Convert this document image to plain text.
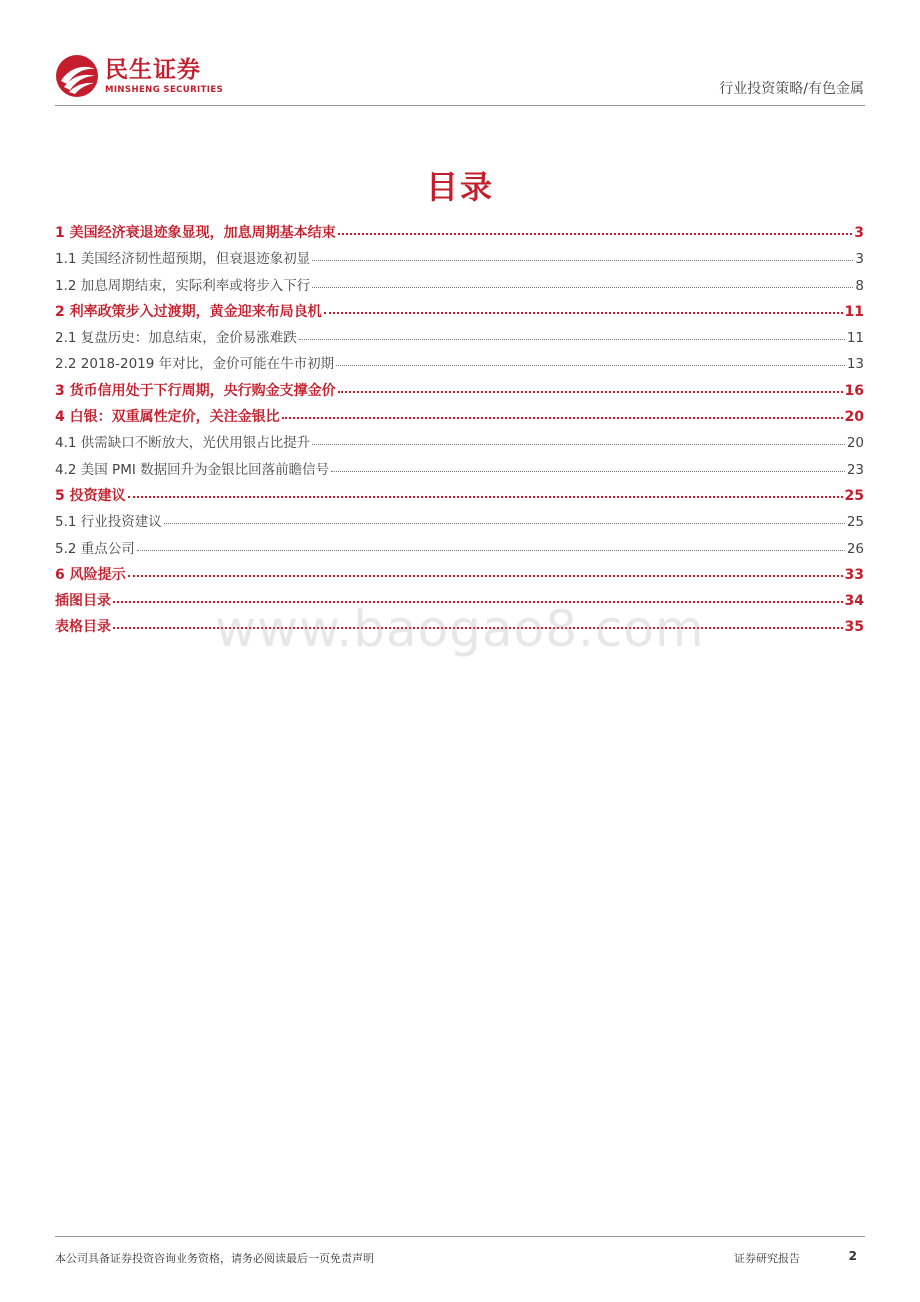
民生证券
MINSHENG SECURITIES	行业投资策略/有色金属
目录
1 美国经济衰退迹象显现，加息周期基本结束	3
1.1 美国经济韧性超预期，但衰退迹象初显	3
1.2 加息周期结束，实际利率或将步入下行	8
2 利率政策步入过渡期，黄金迎来布局良机	11
2.1 复盘历史：加息结束，金价易涨难跌	11
2.2 2018-2019 年对比，金价可能在牛市初期	13
3 货币信用处于下行周期，央行购金支撑金价	16
4 白银：双重属性定价，关注金银比	20
4.1 供需缺口不断放大，光伏用银占比提升	20
4.2 美国 PMI 数据回升为金银比回落前瞻信号	23
5 投资建议	25
5.1 行业投资建议	25
5.2 重点公司	26
6 风险提示	33
插图目录	34
表格目录	35
www.baogao8.com
本公司具备证券投资咨询业务资格，请务必阅读最后一页免责声明	证券研究报告	2
